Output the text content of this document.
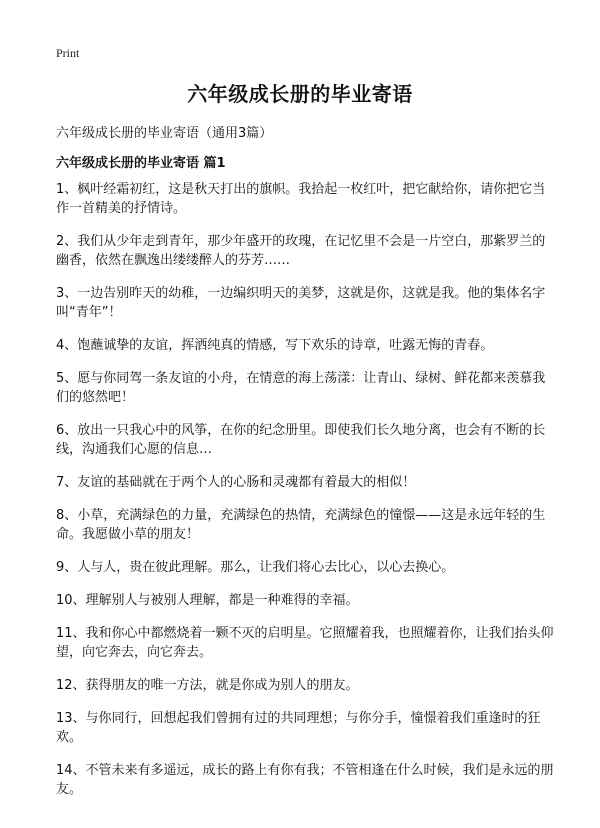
Print
六年级成长册的毕业寄语
六年级成长册的毕业寄语（通用3篇）
六年级成长册的毕业寄语 篇1

1、枫叶经霜初红，这是秋天打出的旗帜。我拾起一枚红叶，把它献给你，请你把它当作一首精美的抒情诗。

2、我们从少年走到青年，那少年盛开的玫瑰，在记忆里不会是一片空白，那紫罗兰的幽香，依然在飘逸出缕缕醉人的芬芳……

3、一边告别昨天的幼稚，一边编织明天的美梦，这就是你，这就是我。他的集体名字叫“青年”！

4、饱蘸诚挚的友谊，挥洒纯真的情感，写下欢乐的诗章，吐露无悔的青春。

5、愿与你同驾一条友谊的小舟，在情意的海上荡漾：让青山、绿树、鲜花都来羡慕我们的悠然吧！

6、放出一只我心中的风筝，在你的纪念册里。即使我们长久地分离，也会有不断的长线，沟通我们心愿的信息…

7、友谊的基础就在于两个人的心肠和灵魂都有着最大的相似！

8、小草，充满绿色的力量，充满绿色的热情，充满绿色的憧憬——这是永远年轻的生命。我愿做小草的朋友！

9、人与人，贵在彼此理解。那么，让我们将心去比心，以心去换心。

10、理解别人与被别人理解，都是一种难得的幸福。

11、我和你心中都燃烧着一颗不灭的启明星。它照耀着我，也照耀着你，让我们抬头仰望，向它奔去，向它奔去。

12、获得朋友的唯一方法，就是你成为别人的朋友。

13、与你同行，回想起我们曾拥有过的共同理想；与你分手，憧憬着我们重逢时的狂欢。

14、不管未来有多遥远，成长的路上有你有我；不管相逢在什么时候，我们是永远的朋友。
